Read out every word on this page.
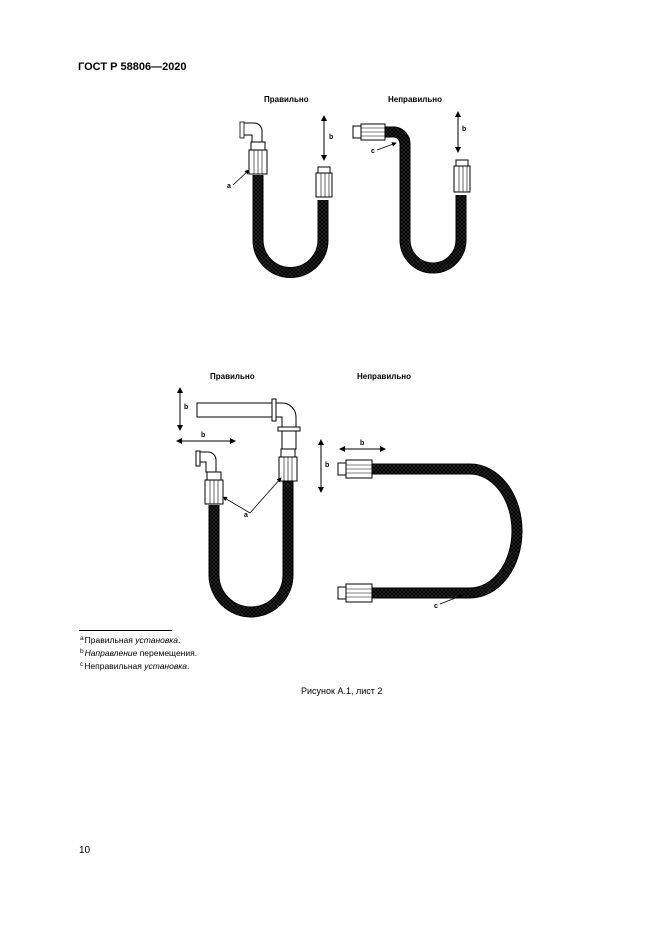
ГОСТ Р 58806—2020
Правильно	Неправильно
Правильно	Неправильно
b
b
a
c
b
b
b
a
b
c
$^a$Правильная установка.
$^b$Направление перемещения.
$^c$Неправильная установка.
Рисунок А.1, лист 2
10
